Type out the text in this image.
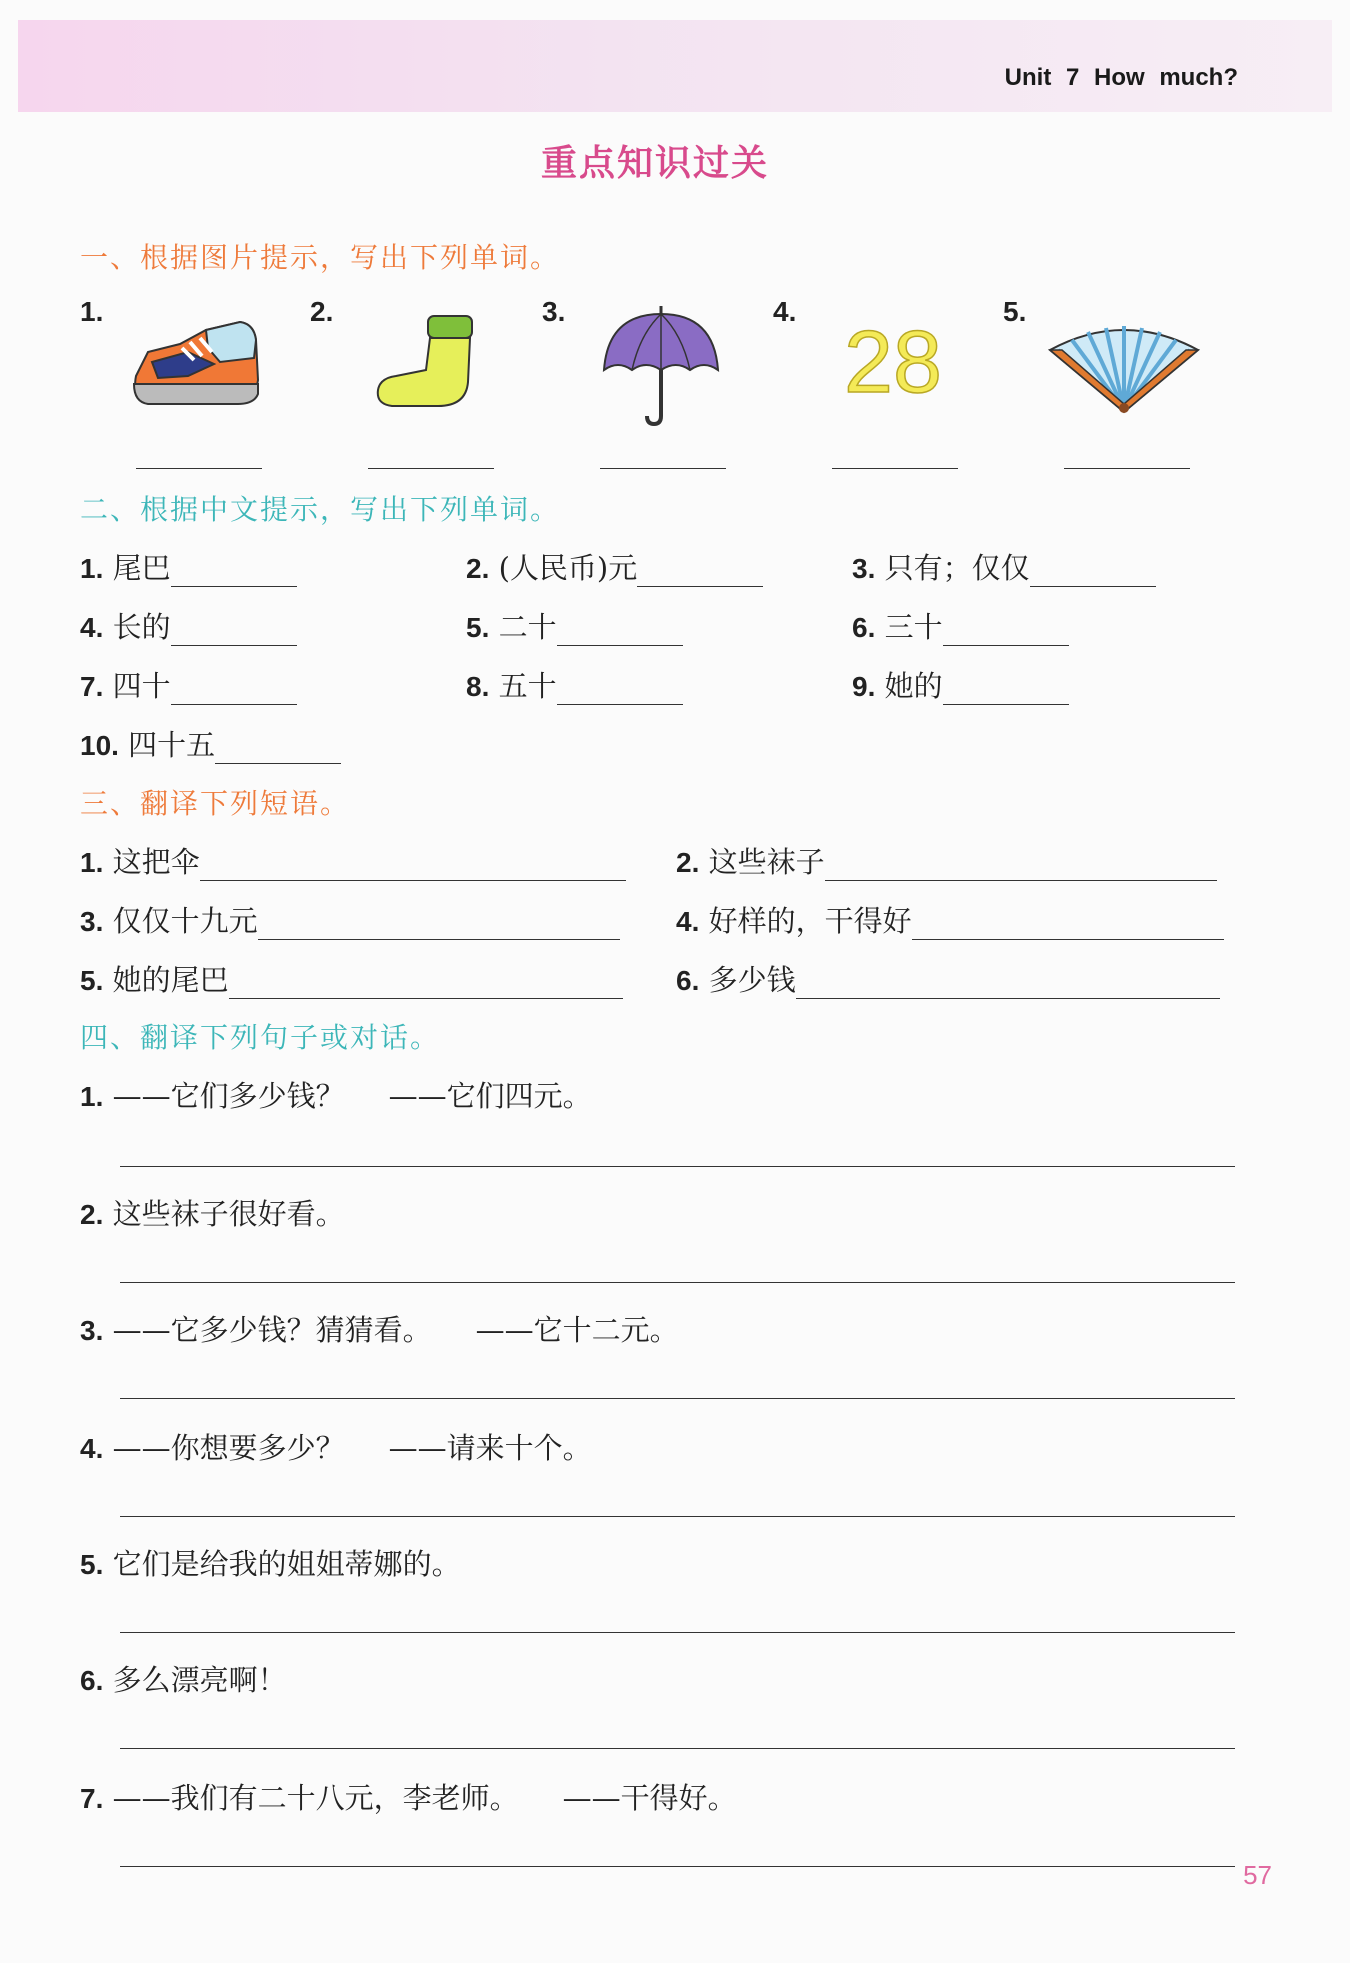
Unit 7 How much?
重点知识过关
一、根据图片提示，写出下列单词。
1.	2.	3.	4.	5.
28
二、根据中文提示，写出下列单词。
1. 尾巴	2. (人民币)元	3. 只有；仅仅
4. 长的	5. 二十	6. 三十
7. 四十	8. 五十	9. 她的
10. 四十五
三、翻译下列短语。
1. 这把伞	2. 这些袜子
3. 仅仅十九元	4. 好样的，干得好
5. 她的尾巴	6. 多少钱
四、翻译下列句子或对话。
1. ——它们多少钱？ ——它们四元。
2. 这些袜子很好看。
3. ——它多少钱？猜猜看。 ——它十二元。
4. ——你想要多少？ ——请来十个。
5. 它们是给我的姐姐蒂娜的。
6. 多么漂亮啊！
7. ——我们有二十八元，李老师。 ——干得好。
57
